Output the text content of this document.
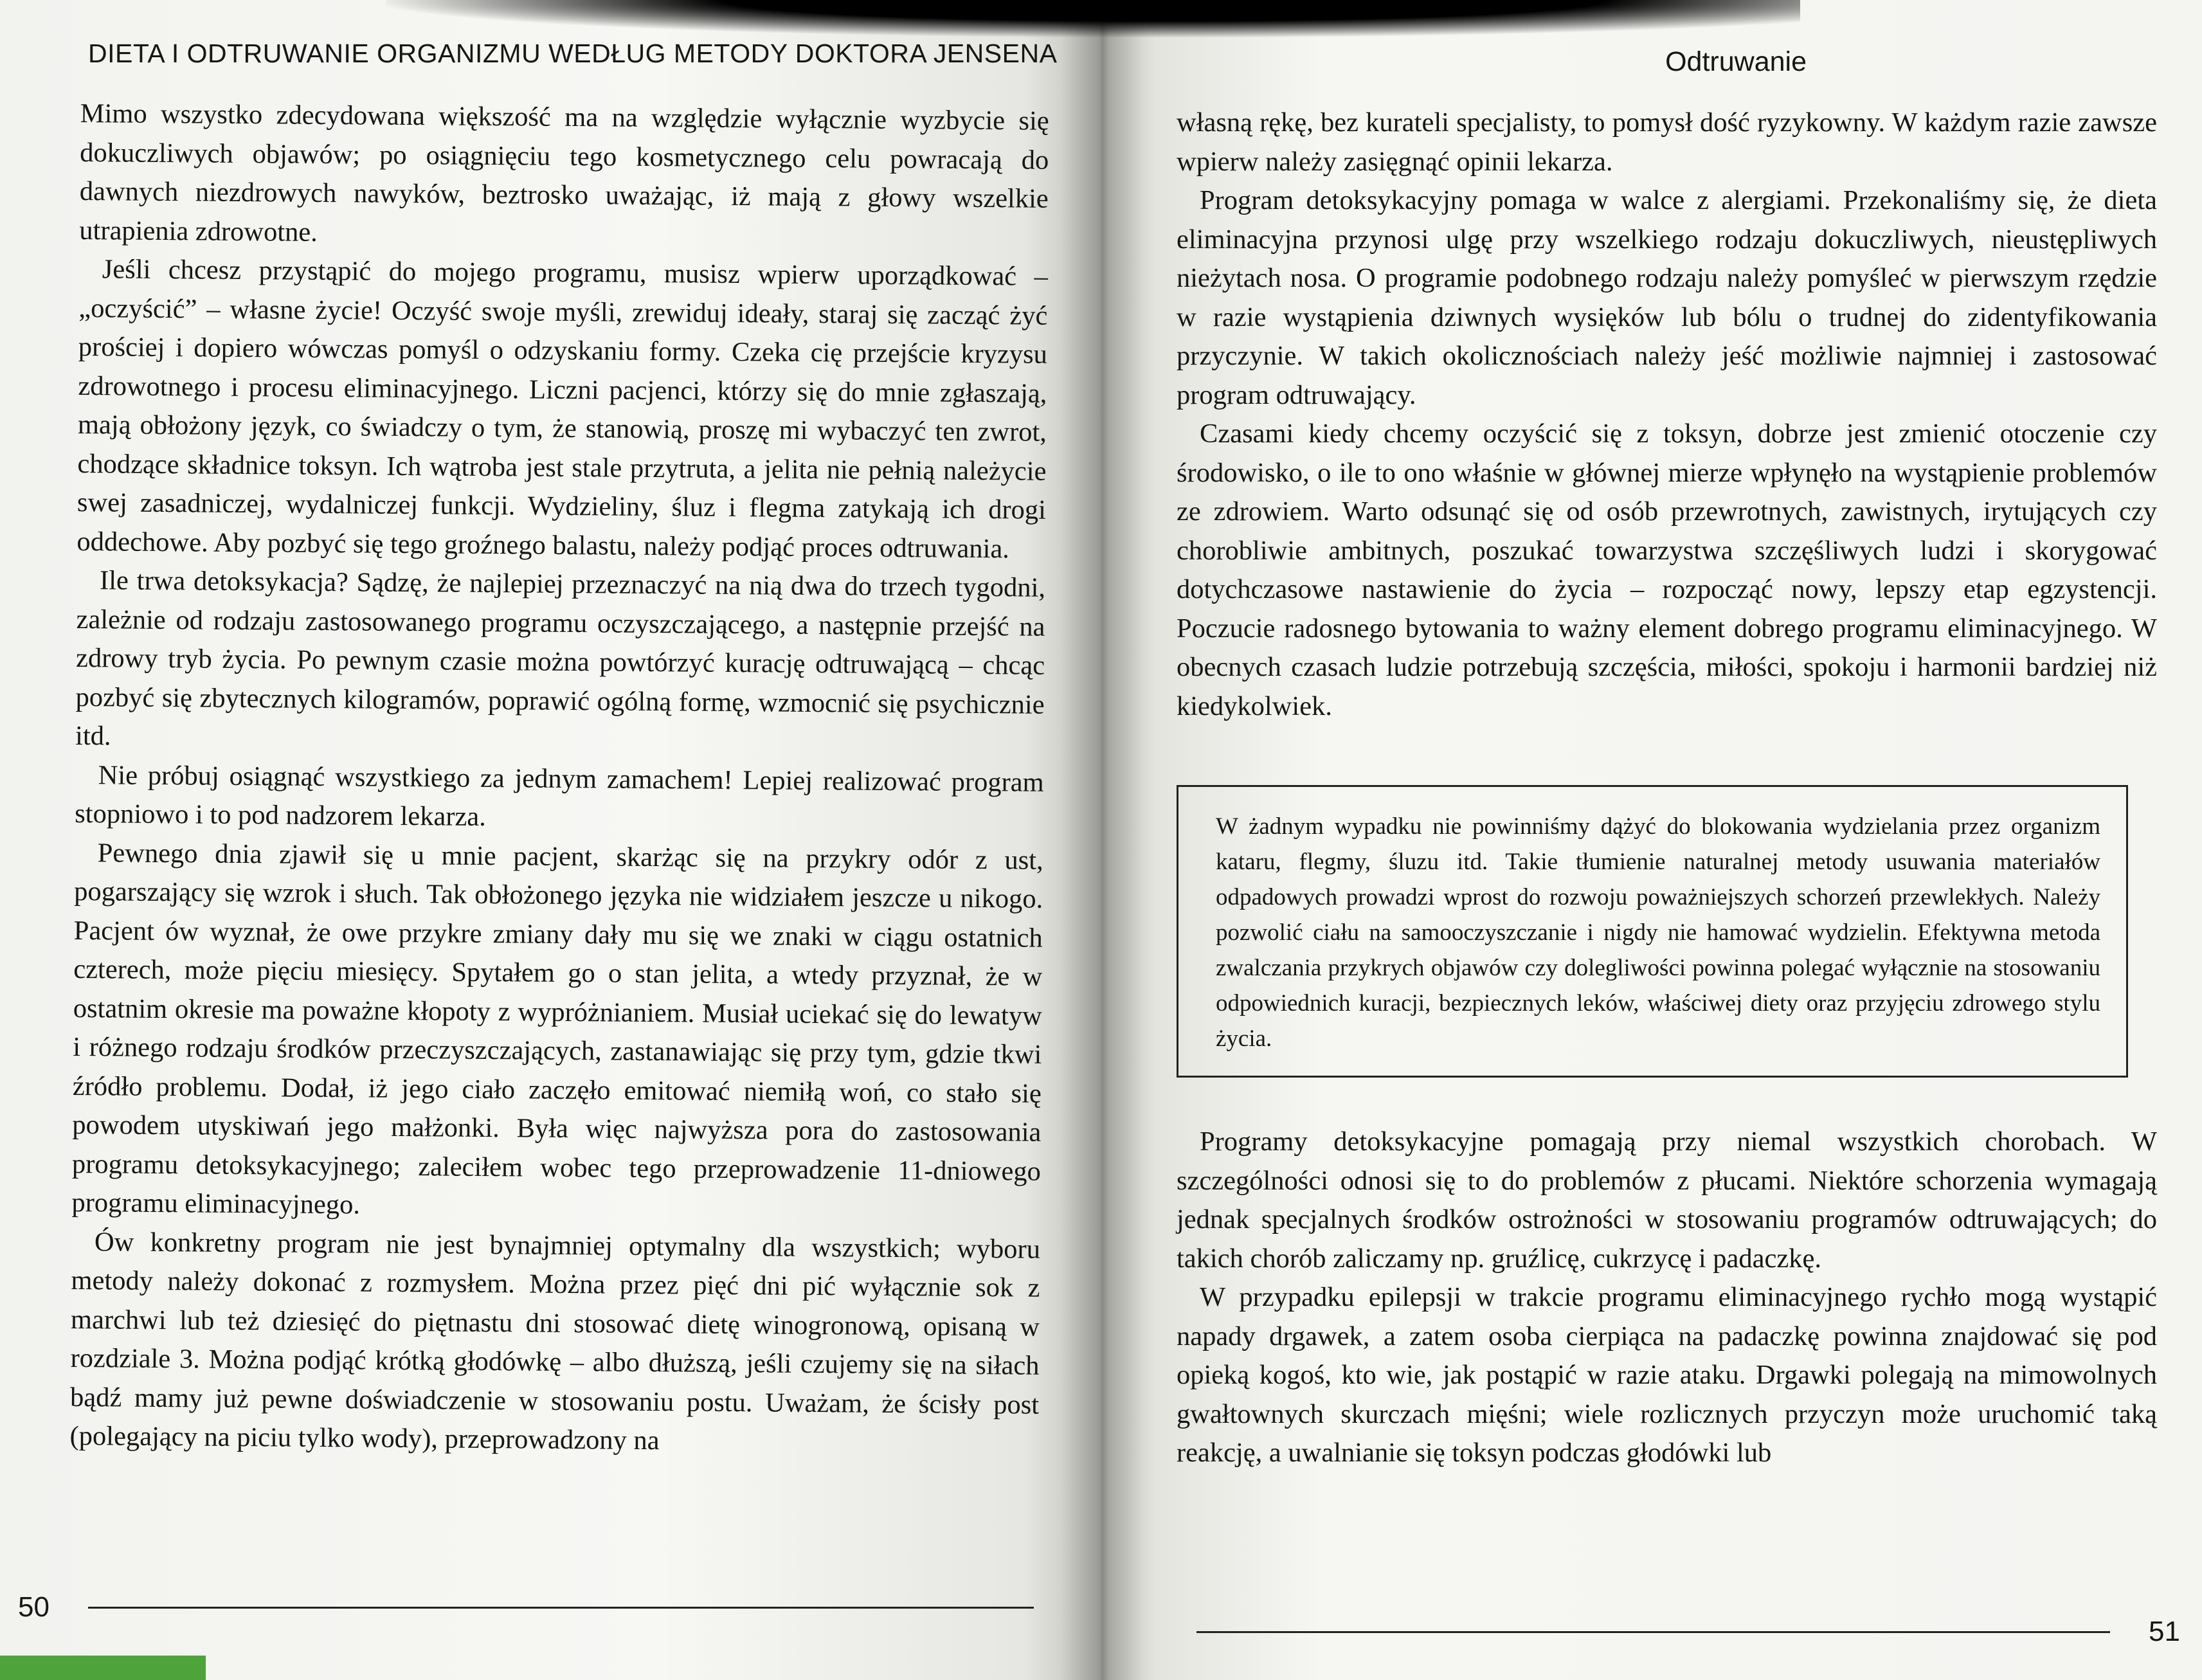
DIETA I ODTRUWANIE ORGANIZMU WEDŁUG METODY DOKTORA JENSENA

Mimo wszystko zdecydowana większość ma na względzie wyłącznie wyzbycie się dokuczliwych objawów; po osiągnięciu tego kosmetycznego celu powracają do dawnych niezdrowych nawyków, beztrosko uważając, iż mają z głowy wszelkie utrapienia zdrowotne.

Jeśli chcesz przystąpić do mojego programu, musisz wpierw uporządkować – „oczyścić” – własne życie! Oczyść swoje myśli, zrewiduj ideały, staraj się zacząć żyć prościej i dopiero wówczas pomyśl o odzyskaniu formy. Czeka cię przejście kryzysu zdrowotnego i procesu eliminacyjnego. Liczni pacjenci, którzy się do mnie zgłaszają, mają obłożony język, co świadczy o tym, że stanowią, proszę mi wybaczyć ten zwrot, chodzące składnice toksyn. Ich wątroba jest stale przytruta, a jelita nie pełnią należycie swej zasadniczej, wydalniczej funkcji. Wydzieliny, śluz i flegma zatykają ich drogi oddechowe. Aby pozbyć się tego groźnego balastu, należy podjąć proces odtruwania.

Ile trwa detoksykacja? Sądzę, że najlepiej przeznaczyć na nią dwa do trzech tygodni, zależnie od rodzaju zastosowanego programu oczyszczającego, a następnie przejść na zdrowy tryb życia. Po pewnym czasie można powtórzyć kurację odtruwającą – chcąc pozbyć się zbytecznych kilogramów, poprawić ogólną formę, wzmocnić się psychicznie itd.

Nie próbuj osiągnąć wszystkiego za jednym zamachem! Lepiej realizować program stopniowo i to pod nadzorem lekarza.

Pewnego dnia zjawił się u mnie pacjent, skarżąc się na przykry odór z ust, pogarszający się wzrok i słuch. Tak obłożonego języka nie widziałem jeszcze u nikogo. Pacjent ów wyznał, że owe przykre zmiany dały mu się we znaki w ciągu ostatnich czterech, może pięciu miesięcy. Spytałem go o stan jelita, a wtedy przyznał, że w ostatnim okresie ma poważne kłopoty z wypróżnianiem. Musiał uciekać się do lewatyw i różnego rodzaju środków przeczyszczających, zastanawiając się przy tym, gdzie tkwi źródło problemu. Dodał, iż jego ciało zaczęło emitować niemiłą woń, co stało się powodem utyskiwań jego małżonki. Była więc najwyższa pora do zastosowania programu detoksykacyjnego; zaleciłem wobec tego przeprowadzenie 11-dniowego programu eliminacyjnego.

Ów konkretny program nie jest bynajmniej optymalny dla wszystkich; wyboru metody należy dokonać z rozmysłem. Można przez pięć dni pić wyłącznie sok z marchwi lub też dziesięć do piętnastu dni stosować dietę winogronową, opisaną w rozdziale 3. Można podjąć krótką głodówkę – albo dłuższą, jeśli czujemy się na siłach bądź mamy już pewne doświadczenie w stosowaniu postu. Uważam, że ścisły post (polegający na piciu tylko wody), przeprowadzony na

50
Odtruwanie

własną rękę, bez kurateli specjalisty, to pomysł dość ryzykowny. W każdym razie zawsze wpierw należy zasięgnąć opinii lekarza.

Program detoksykacyjny pomaga w walce z alergiami. Przekonaliśmy się, że dieta eliminacyjna przynosi ulgę przy wszelkiego rodzaju dokuczliwych, nieustępliwych nieżytach nosa. O programie podobnego rodzaju należy pomyśleć w pierwszym rzędzie w razie wystąpienia dziwnych wysięków lub bólu o trudnej do zidentyfikowania przyczynie. W takich okolicznościach należy jeść możliwie najmniej i zastosować program odtruwający.

Czasami kiedy chcemy oczyścić się z toksyn, dobrze jest zmienić otoczenie czy środowisko, o ile to ono właśnie w głównej mierze wpłynęło na wystąpienie problemów ze zdrowiem. Warto odsunąć się od osób przewrotnych, zawistnych, irytujących czy chorobliwie ambitnych, poszukać towarzystwa szczęśliwych ludzi i skorygować dotychczasowe nastawienie do życia – rozpocząć nowy, lepszy etap egzystencji. Poczucie radosnego bytowania to ważny element dobrego programu eliminacyjnego. W obecnych czasach ludzie potrzebują szczęścia, miłości, spokoju i harmonii bardziej niż kiedykolwiek.

W żadnym wypadku nie powinniśmy dążyć do blokowania wydzielania przez organizm kataru, flegmy, śluzu itd. Takie tłumienie naturalnej metody usuwania materiałów odpadowych prowadzi wprost do rozwoju poważniejszych schorzeń przewlekłych. Należy pozwolić ciału na samooczyszczanie i nigdy nie hamować wydzielin. Efektywna metoda zwalczania przykrych objawów czy dolegliwości powinna polegać wyłącznie na stosowaniu odpowiednich kuracji, bezpiecznych leków, właściwej diety oraz przyjęciu zdrowego stylu życia.

Programy detoksykacyjne pomagają przy niemal wszystkich chorobach. W szczególności odnosi się to do problemów z płucami. Niektóre schorzenia wymagają jednak specjalnych środków ostrożności w stosowaniu programów odtruwających; do takich chorób zaliczamy np. gruźlicę, cukrzycę i padaczkę.

W przypadku epilepsji w trakcie programu eliminacyjnego rychło mogą wystąpić napady drgawek, a zatem osoba cierpiąca na padaczkę powinna znajdować się pod opieką kogoś, kto wie, jak postąpić w razie ataku. Drgawki polegają na mimowolnych gwałtownych skurczach mięśni; wiele rozlicznych przyczyn może uruchomić taką reakcję, a uwalnianie się toksyn podczas głodówki lub

51
